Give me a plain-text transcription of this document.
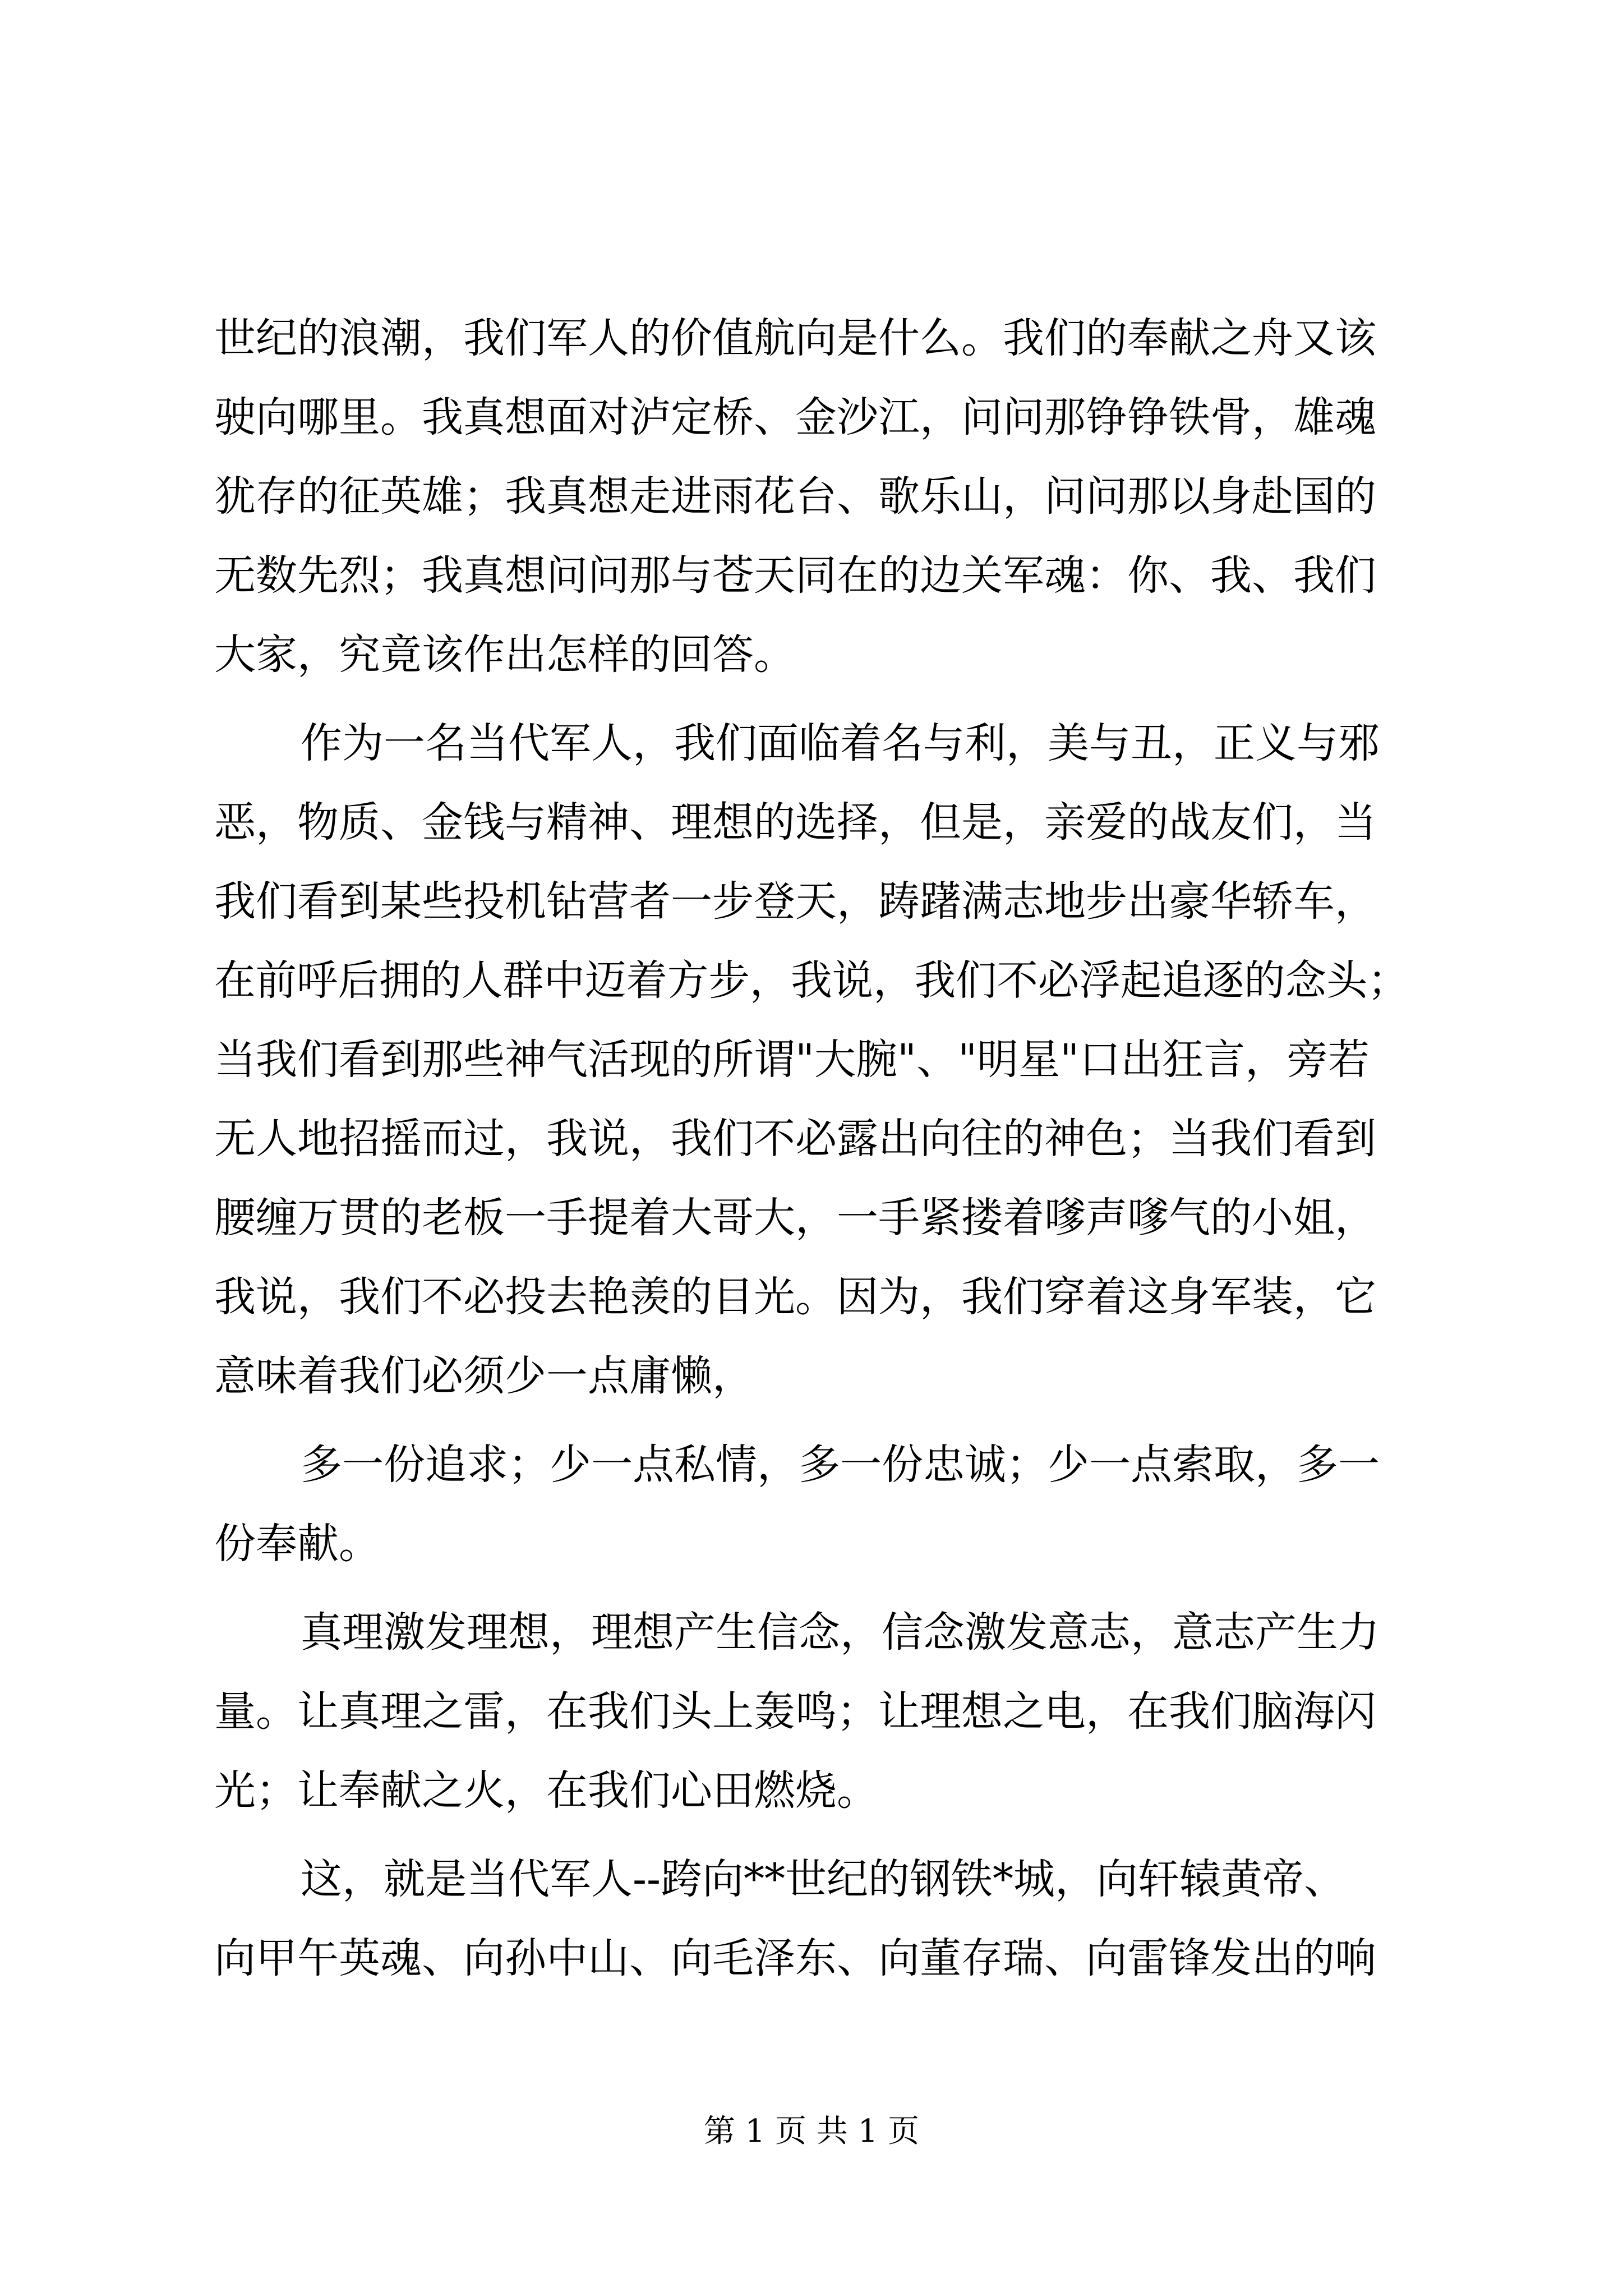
世纪的浪潮，我们军人的价值航向是什么。我们的奉献之舟又该
驶向哪里。我真想面对泸定桥、金沙江，问问那铮铮铁骨，雄魂
犹存的征英雄；我真想走进雨花台、歌乐山，问问那以身赴国的
无数先烈；我真想问问那与苍天同在的边关军魂：你、我、我们
大家，究竟该作出怎样的回答。
作为一名当代军人，我们面临着名与利，美与丑，正义与邪
恶，物质、金钱与精神、理想的选择，但是，亲爱的战友们，当
我们看到某些投机钻营者一步登天，踌躇满志地步出豪华轿车，
在前呼后拥的人群中迈着方步，我说，我们不必浮起追逐的念头；
当我们看到那些神气活现的所谓"大腕"、"明星"口出狂言，旁若
无人地招摇而过，我说，我们不必露出向往的神色；当我们看到
腰缠万贯的老板一手提着大哥大，一手紧搂着嗲声嗲气的小姐，
我说，我们不必投去艳羡的目光。因为，我们穿着这身军装，它
意味着我们必须少一点庸懒，
多一份追求；少一点私情，多一份忠诚；少一点索取，多一
份奉献。
真理激发理想，理想产生信念，信念激发意志，意志产生力
量。让真理之雷，在我们头上轰鸣；让理想之电，在我们脑海闪
光；让奉献之火，在我们心田燃烧。
这，就是当代军人--跨向**世纪的钢铁*城，向轩辕黄帝、
向甲午英魂、向孙中山、向毛泽东、向董存瑞、向雷锋发出的响
第 1 页 共 1 页
